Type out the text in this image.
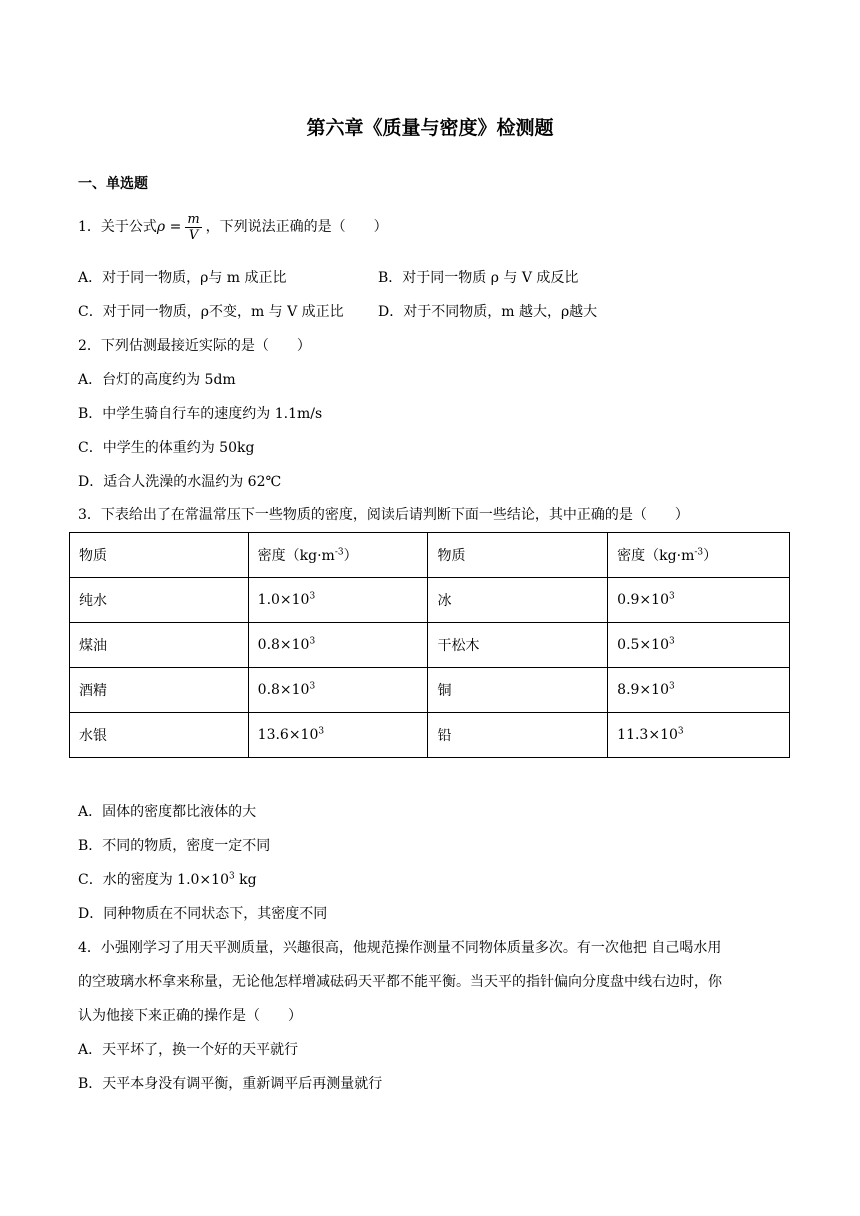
第六章《质量与密度》检测题
一、单选题
1．关于公式$\rho = \frac{m}{V}$ ，下列说法正确的是（　　）
A．对于同一物质，ρ与 m 成正比	B．对于同一物质 ρ 与 V 成反比
C．对于同一物质，ρ不变，m 与 V 成正比 D．对于不同物质，m 越大，ρ越大
2．下列估测最接近实际的是（　　）
A．台灯的高度约为 5dm
B．中学生骑自行车的速度约为 1.1m/s
C．中学生的体重约为 50kg
D．适合人洗澡的水温约为 62℃
3．下表给出了在常温常压下一些物质的密度，阅读后请判断下面一些结论，其中正确的是（　　）
物质	密度$(kg\cdot m^{-3})$	物质	密度$(kg\cdot m^{-3})$
纯水	$1.0\times 10^3$	冰	$0.9\times 10^3$
煤油	$0.8\times 10^3$	干松木	$0.5\times 10^3$
酒精	$0.8\times 10^3$	铜	$8.9\times 10^3$
水银	$13.6\times 10^3$	铅	$11.3\times 10^3$
A．固体的密度都比液体的大
B．不同的物质，密度一定不同
C．水的密度为 $1.0\times 10^3$ kg
D．同种物质在不同状态下，其密度不同
4．小强刚学习了用天平测质量，兴趣很高，他规范操作测量不同物体质量多次。有一次他把 自己喝水用
的空玻璃水杯拿来称量，无论他怎样增减砝码天平都不能平衡。当天平的指针偏向分度盘中线右边时，你
认为他接下来正确的操作是（　　）
A．天平坏了，换一个好的天平就行
B．天平本身没有调平衡，重新调平后再测量就行
